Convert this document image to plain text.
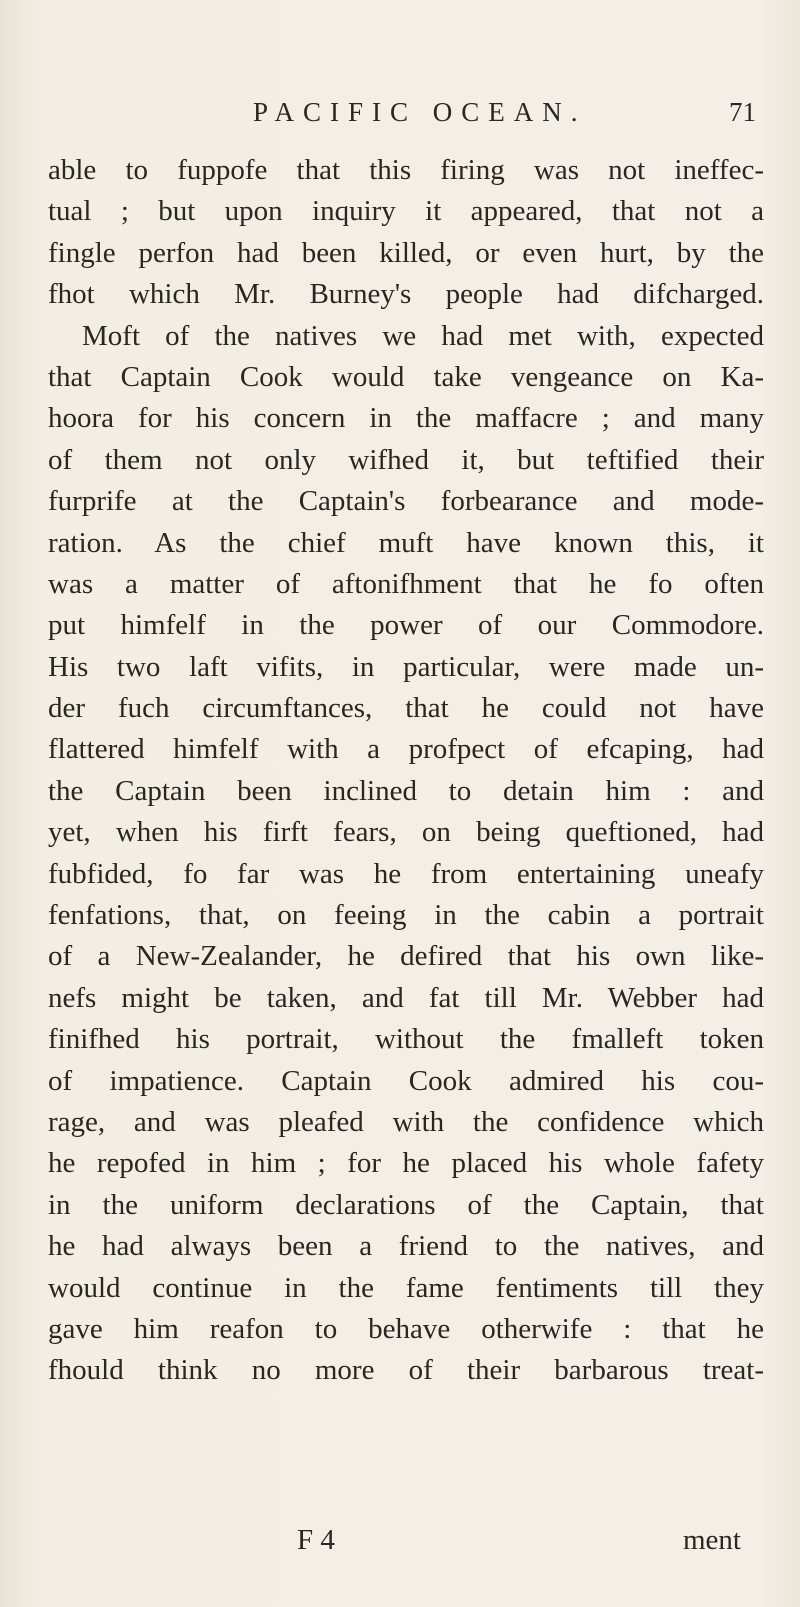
PACIFIC OCEAN.	71
able to fuppofe that this firing was not ineffec-
tual ; but upon inquiry it appeared, that not a
fingle perfon had been killed, or even hurt, by the
fhot which Mr. Burney's people had difcharged.
Moft of the natives we had met with, expected
that Captain Cook would take vengeance on Ka-
hoora for his concern in the maffacre ; and many
of them not only wifhed it, but teftified their
furprife at the Captain's forbearance and mode-
ration. As the chief muft have known this, it
was a matter of aftonifhment that he fo often
put himfelf in the power of our Commodore.
His two laft vifits, in particular, were made un-
der fuch circumftances, that he could not have
flattered himfelf with a profpect of efcaping, had
the Captain been inclined to detain him : and
yet, when his firft fears, on being queftioned, had
fubfided, fo far was he from entertaining uneafy
fenfations, that, on feeing in the cabin a portrait
of a New-Zealander, he defired that his own like-
nefs might be taken, and fat till Mr. Webber had
finifhed his portrait, without the fmalleft token
of impatience. Captain Cook admired his cou-
rage, and was pleafed with the confidence which
he repofed in him ; for he placed his whole fafety
in the uniform declarations of the Captain, that
he had always been a friend to the natives, and
would continue in the fame fentiments till they
gave him reafon to behave otherwife : that he
fhould think no more of their barbarous treat-
F 4	ment
